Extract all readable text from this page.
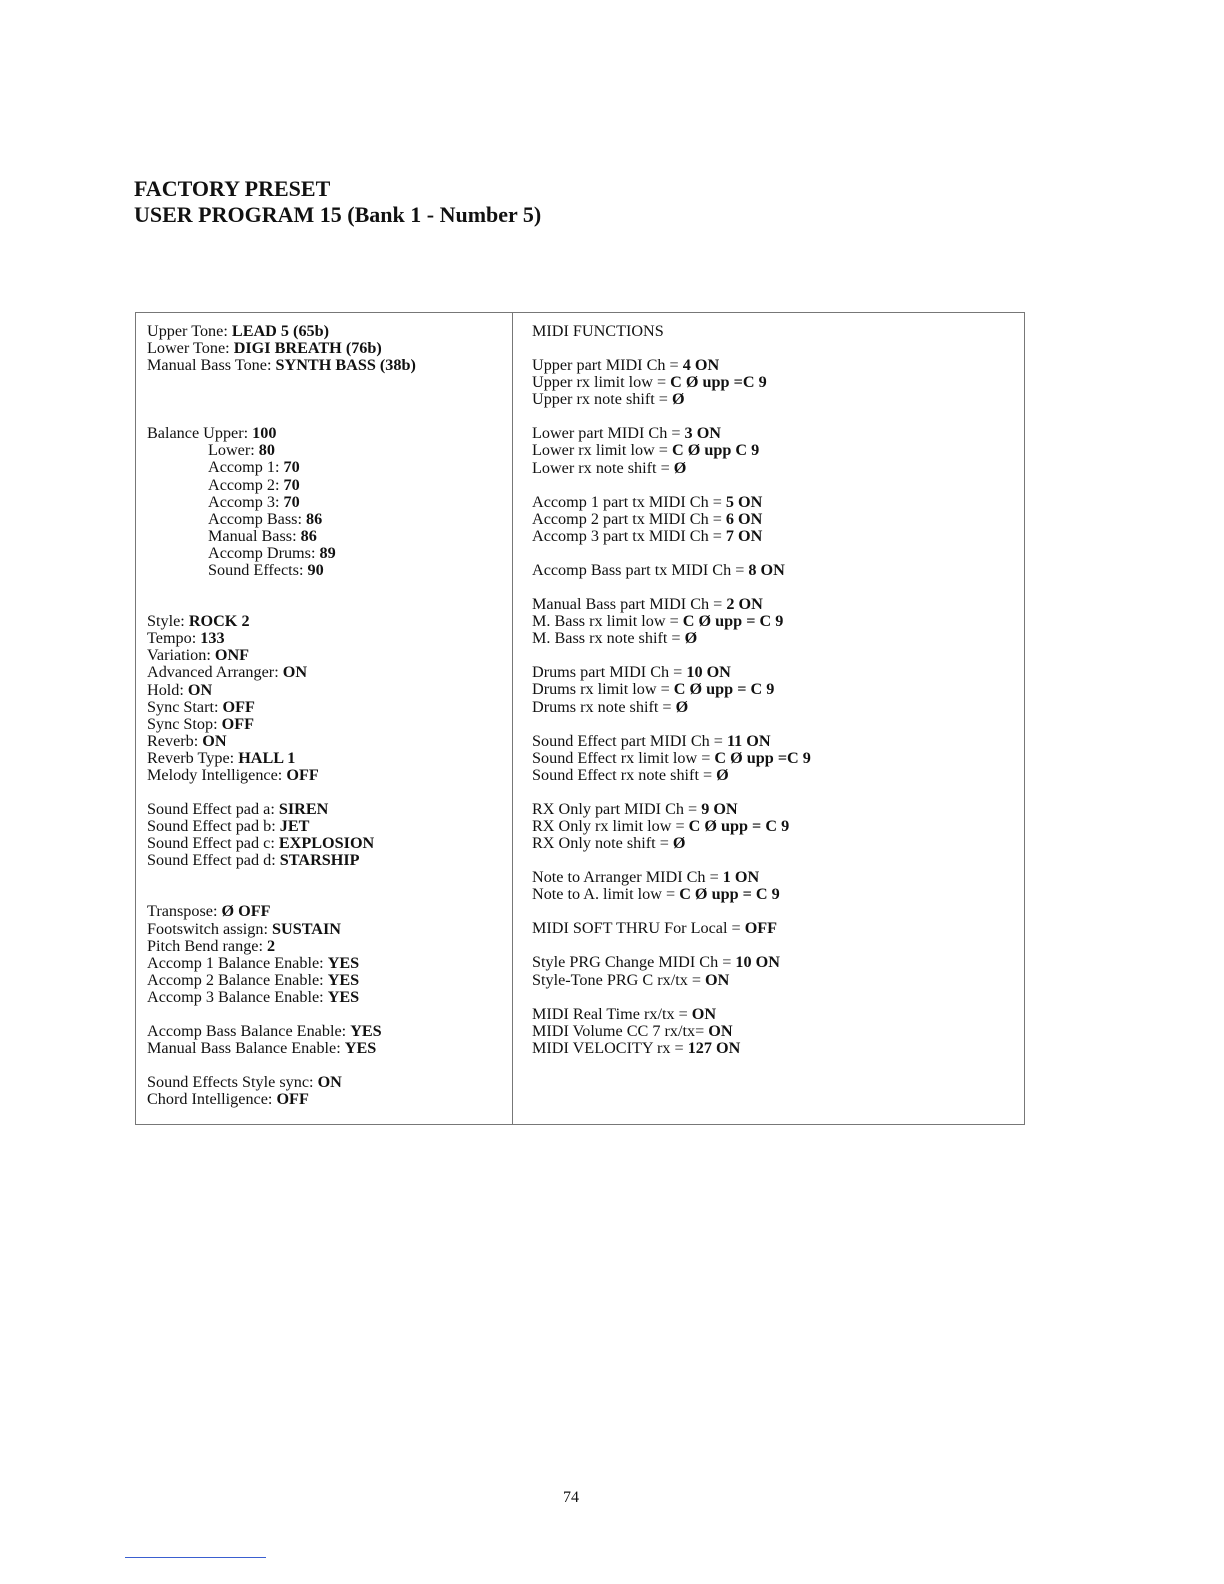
FACTORY PRESET
USER PROGRAM 15 (Bank 1 - Number 5)
Upper Tone: LEAD 5 (65b)
Lower Tone: DIGI BREATH (76b)
Manual Bass Tone: SYNTH BASS (38b)
Balance Upper: 100
Lower: 80
Accomp 1: 70
Accomp 2: 70
Accomp 3: 70
Accomp Bass: 86
Manual Bass: 86
Accomp Drums: 89
Sound Effects: 90
Style: ROCK 2
Tempo: 133
Variation: ONF
Advanced Arranger: ON
Hold: ON
Sync Start: OFF
Sync Stop: OFF
Reverb: ON
Reverb Type: HALL 1
Melody Intelligence: OFF
Sound Effect pad a: SIREN
Sound Effect pad b: JET
Sound Effect pad c: EXPLOSION
Sound Effect pad d: STARSHIP
Transpose: Ø OFF
Footswitch assign: SUSTAIN
Pitch Bend range: 2
Accomp 1 Balance Enable: YES
Accomp 2 Balance Enable: YES
Accomp 3 Balance Enable: YES
Accomp Bass Balance Enable: YES
Manual Bass Balance Enable: YES
Sound Effects Style sync: ON
Chord Intelligence: OFF
MIDI FUNCTIONS
Upper part MIDI Ch = 4 ON
Upper rx limit low = C Ø upp =C 9
Upper rx note shift = Ø
Lower part MIDI Ch = 3 ON
Lower rx limit low = C Ø upp C 9
Lower rx note shift = Ø
Accomp 1 part tx MIDI Ch = 5 ON
Accomp 2 part tx MIDI Ch = 6 ON
Accomp 3 part tx MIDI Ch = 7 ON
Accomp Bass part tx MIDI Ch = 8 ON
Manual Bass part MIDI Ch = 2 ON
M. Bass rx limit low = C Ø upp = C 9
M. Bass rx note shift = Ø
Drums part MIDI Ch = 10 ON
Drums rx limit low = C Ø upp = C 9
Drums rx note shift = Ø
Sound Effect part MIDI Ch = 11 ON
Sound Effect rx limit low = C Ø upp =C 9
Sound Effect rx note shift = Ø
RX Only part MIDI Ch = 9 ON
RX Only rx limit low = C Ø upp = C 9
RX Only note shift = Ø
Note to Arranger MIDI Ch = 1 ON
Note to A. limit low = C Ø upp = C 9
MIDI SOFT THRU For Local = OFF
Style PRG Change MIDI Ch = 10 ON
Style-Tone PRG C rx/tx = ON
MIDI Real Time rx/tx = ON
MIDI Volume CC 7 rx/tx= ON
MIDI VELOCITY rx = 127 ON
74
